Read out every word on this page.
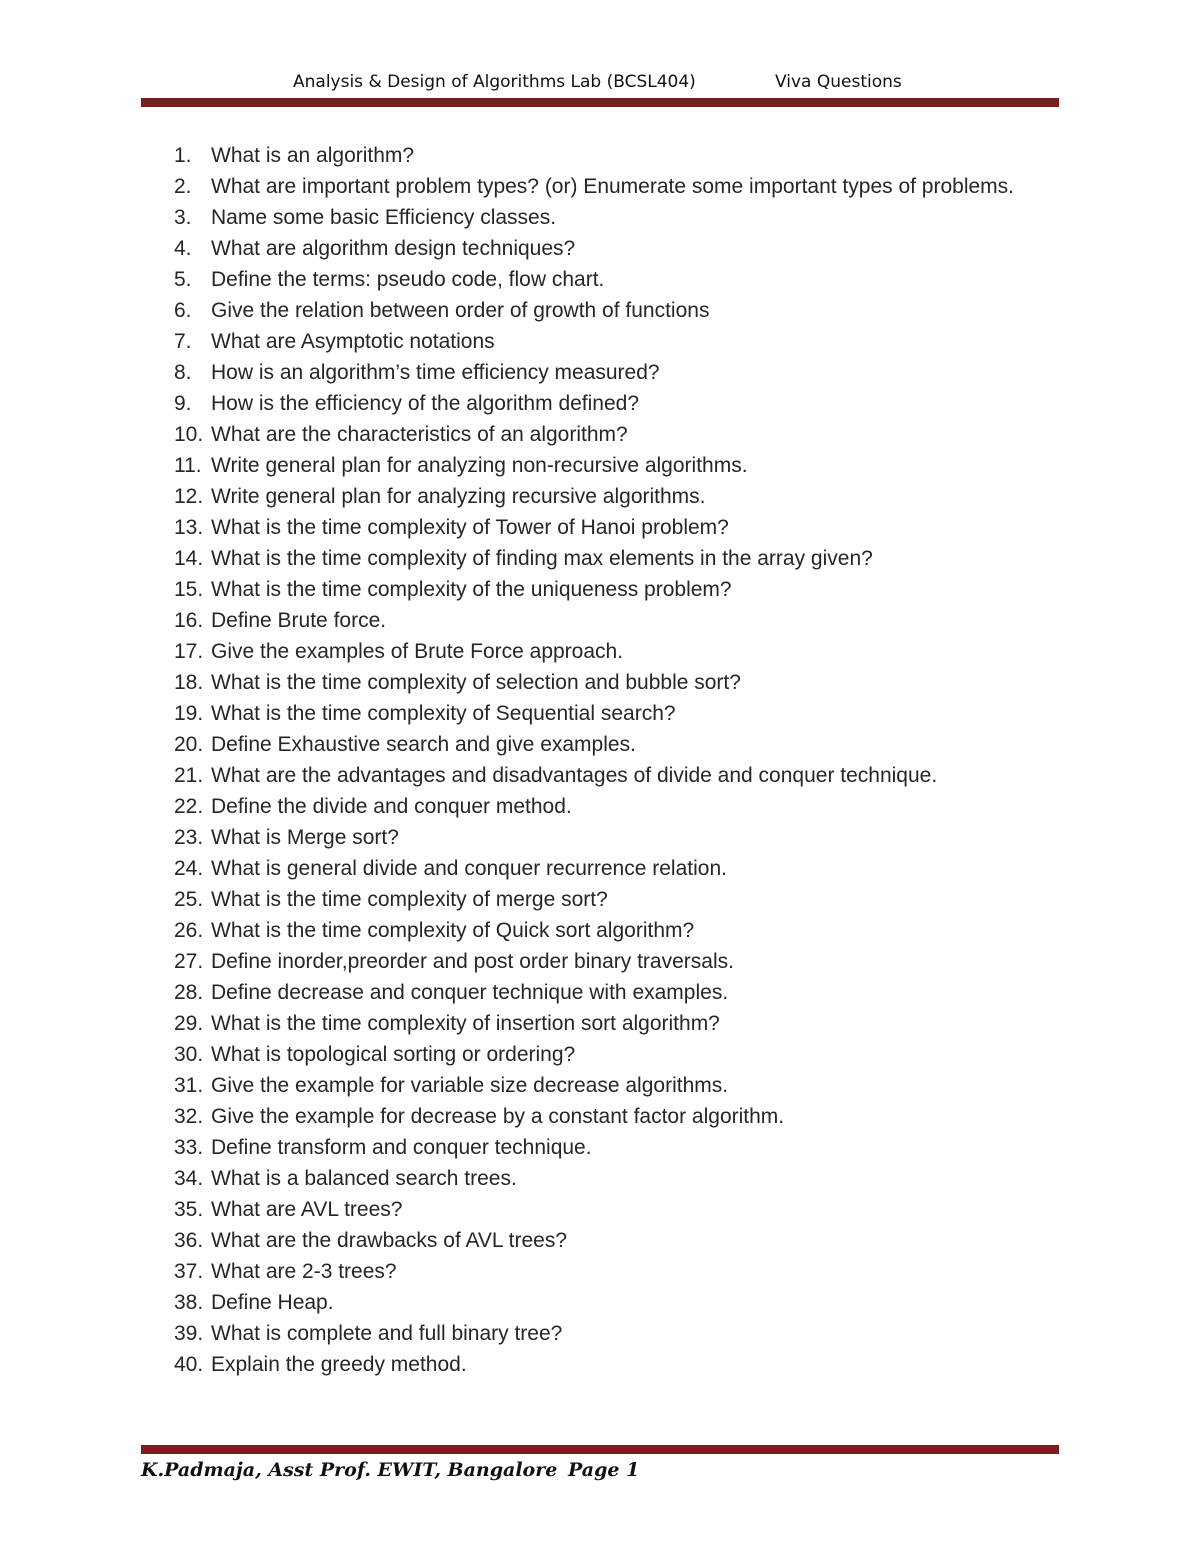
Analysis & Design of Algorithms Lab (BCSL404)	Viva Questions
1. What is an algorithm?
2. What are important problem types? (or) Enumerate some important types of problems.
3. Name some basic Efficiency classes.
4. What are algorithm design techniques?
5. Define the terms: pseudo code, flow chart.
6. Give the relation between order of growth of functions
7. What are Asymptotic notations
8. How is an algorithm’s time efficiency measured?
9. How is the efficiency of the algorithm defined?
10. What are the characteristics of an algorithm?
11. Write general plan for analyzing non-recursive algorithms.
12. Write general plan for analyzing recursive algorithms.
13. What is the time complexity of Tower of Hanoi problem?
14. What is the time complexity of finding max elements in the array given?
15. What is the time complexity of the uniqueness problem?
16. Define Brute force.
17. Give the examples of Brute Force approach.
18. What is the time complexity of selection and bubble sort?
19. What is the time complexity of Sequential search?
20. Define Exhaustive search and give examples.
21. What are the advantages and disadvantages of divide and conquer technique.
22. Define the divide and conquer method.
23. What is Merge sort?
24. What is general divide and conquer recurrence relation.
25. What is the time complexity of merge sort?
26. What is the time complexity of Quick sort algorithm?
27. Define inorder,preorder and post order binary traversals.
28. Define decrease and conquer technique with examples.
29. What is the time complexity of insertion sort algorithm?
30. What is topological sorting or ordering?
31. Give the example for variable size decrease algorithms.
32. Give the example for decrease by a constant factor algorithm.
33. Define transform and conquer technique.
34. What is a balanced search trees.
35. What are AVL trees?
36. What are the drawbacks of AVL trees?
37. What are 2-3 trees?
38. Define Heap.
39. What is complete and full binary tree?
40. Explain the greedy method.
K.Padmaja, Asst Prof. EWIT, Bangalore Page 1
